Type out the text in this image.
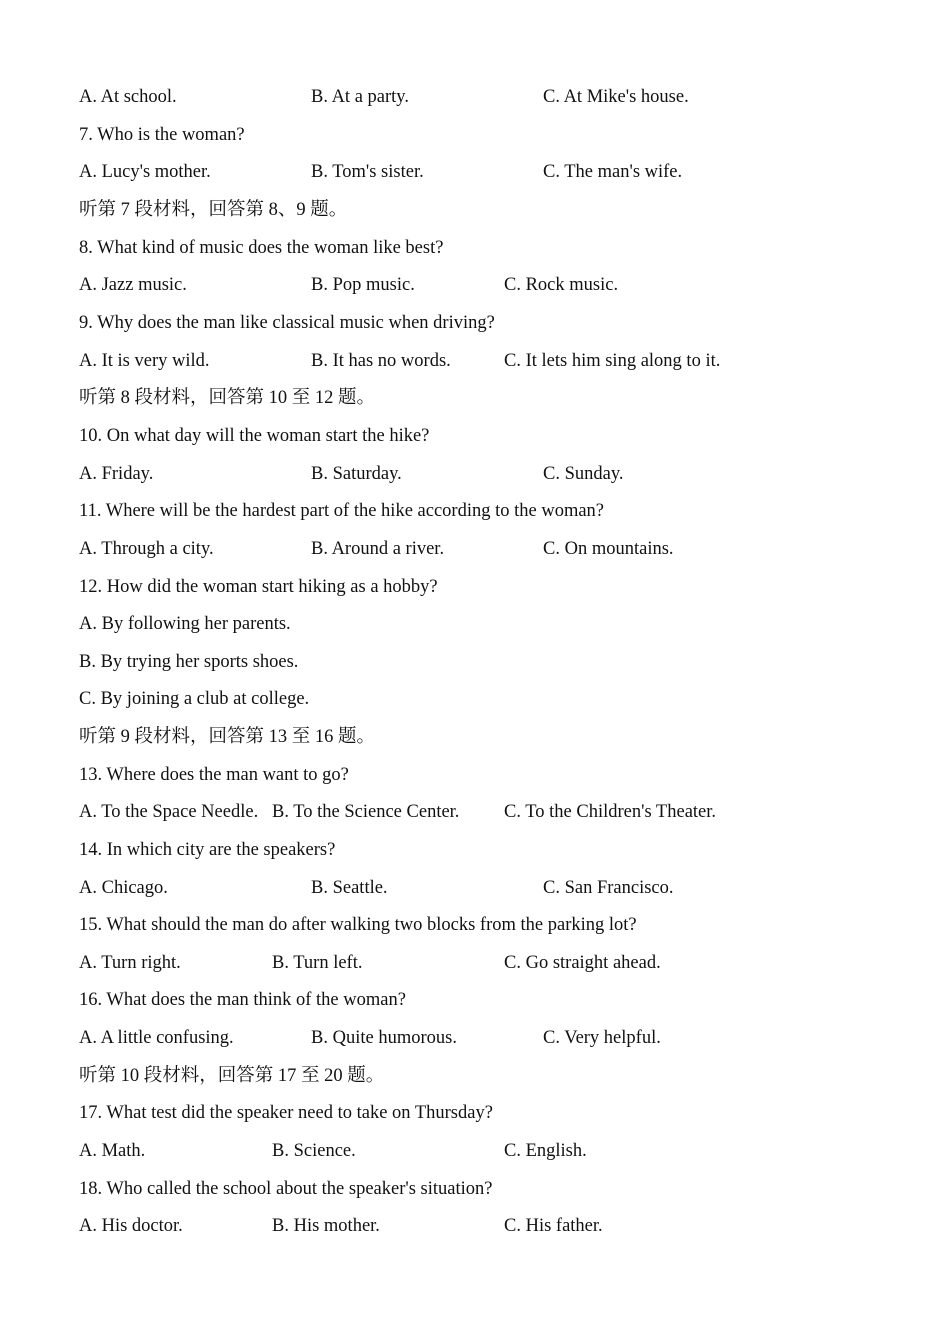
A. At school.	B. At a party.	C. At Mike's house.
7. Who is the woman?
A. Lucy's mother.	B. Tom's sister.	C. The man's wife.
听第 7 段材料，回答第 8、9 题。
8. What kind of music does the woman like best?
A. Jazz music.	B. Pop music.	C. Rock music.
9. Why does the man like classical music when driving?
A. It is very wild.	B. It has no words.	C. It lets him sing along to it.
听第 8 段材料，回答第 10 至 12 题。
10. On what day will the woman start the hike?
A. Friday.	B. Saturday.	C. Sunday.
11. Where will be the hardest part of the hike according to the woman?
A. Through a city.	B. Around a river.	C. On mountains.
12. How did the woman start hiking as a hobby?
A. By following her parents.
B. By trying her sports shoes.
C. By joining a club at college.
听第 9 段材料，回答第 13 至 16 题。
13. Where does the man want to go?
A. To the Space Needle. B. To the Science Center. C. To the Children's Theater.
14. In which city are the speakers?
A. Chicago.	B. Seattle.	C. San Francisco.
15. What should the man do after walking two blocks from the parking lot?
A. Turn right.	B. Turn left.	C. Go straight ahead.
16. What does the man think of the woman?
A. A little confusing.	B. Quite humorous.	C. Very helpful.
听第 10 段材料，回答第 17 至 20 题。
17. What test did the speaker need to take on Thursday?
A. Math.	B. Science.	C. English.
18. Who called the school about the speaker's situation?
A. His doctor.	B. His mother.	C. His father.
